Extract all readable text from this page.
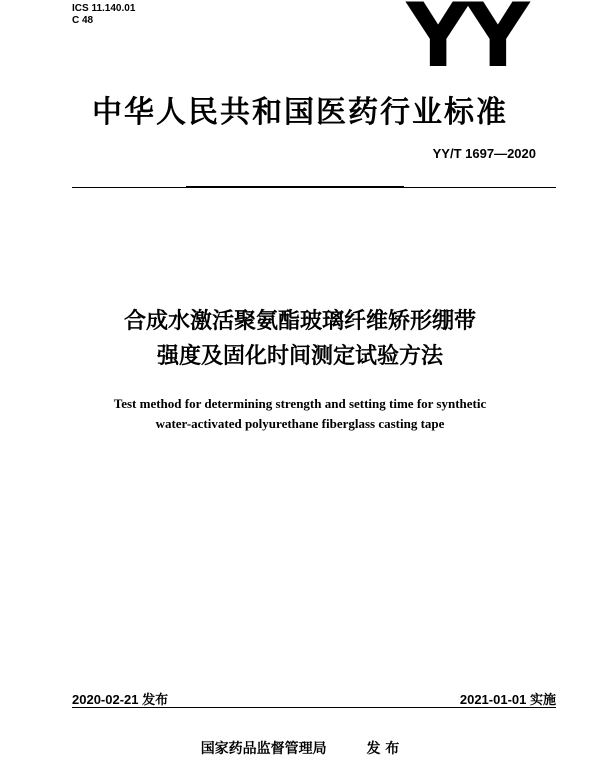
ICS 11.140.01
C 48	YY
中华人民共和国医药行业标准
YY/T 1697—2020
合成水激活聚氨酯玻璃纤维矫形绷带
强度及固化时间测定试验方法
Test method for determining strength and setting time for synthetic
water-activated polyurethane fiberglass casting tape
2020-02-21 发布	2021-01-01 实施
国家药品监督管理局	发 布
